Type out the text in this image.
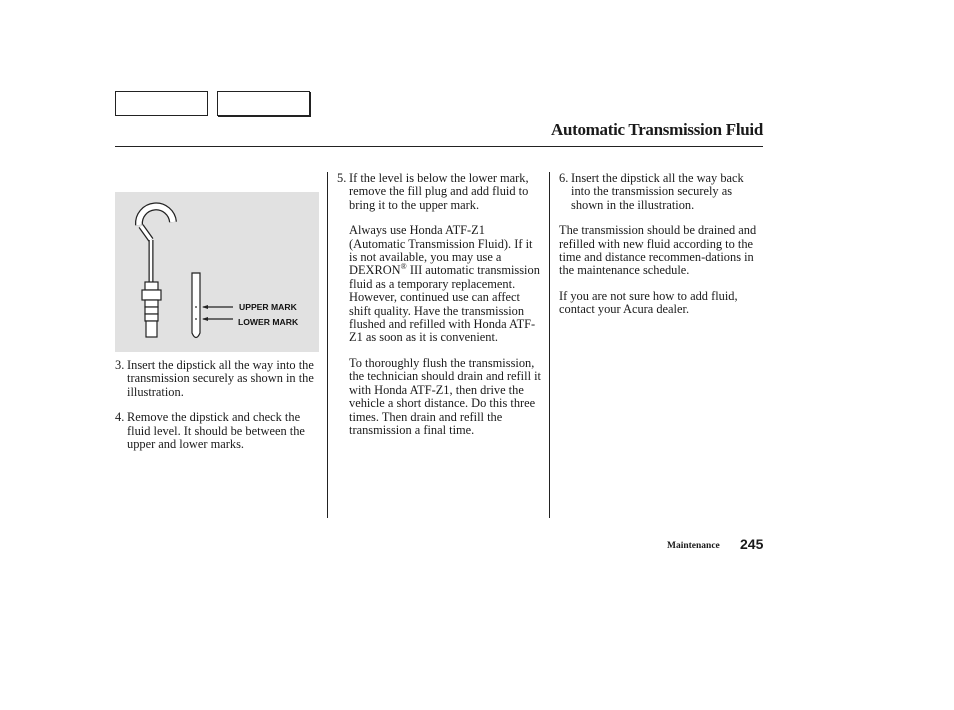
Automatic Transmission Fluid
UPPER MARK
LOWER MARK
3. Insert the dipstick all the way into the transmission securely as shown in the illustration.
4. Remove the dipstick and check the fluid level. It should be between the upper and lower marks.
5. If the level is below the lower mark, remove the fill plug and add fluid to bring it to the upper mark.

Always use Honda ATF-Z1 (Automatic Transmission Fluid). If it is not available, you may use a DEXRON® III automatic transmission fluid as a temporary replacement. However, continued use can affect shift quality. Have the transmission flushed and refilled with Honda ATF-Z1 as soon as it is convenient.

To thoroughly flush the transmission, the technician should drain and refill it with Honda ATF-Z1, then drive the vehicle a short distance. Do this three times. Then drain and refill the transmission a final time.

6. Insert the dipstick all the way back into the transmission securely as shown in the illustration.

The transmission should be drained and refilled with new fluid according to the time and distance recommen-dations in the maintenance schedule.

If you are not sure how to add fluid, contact your Acura dealer.

Maintenance 245
